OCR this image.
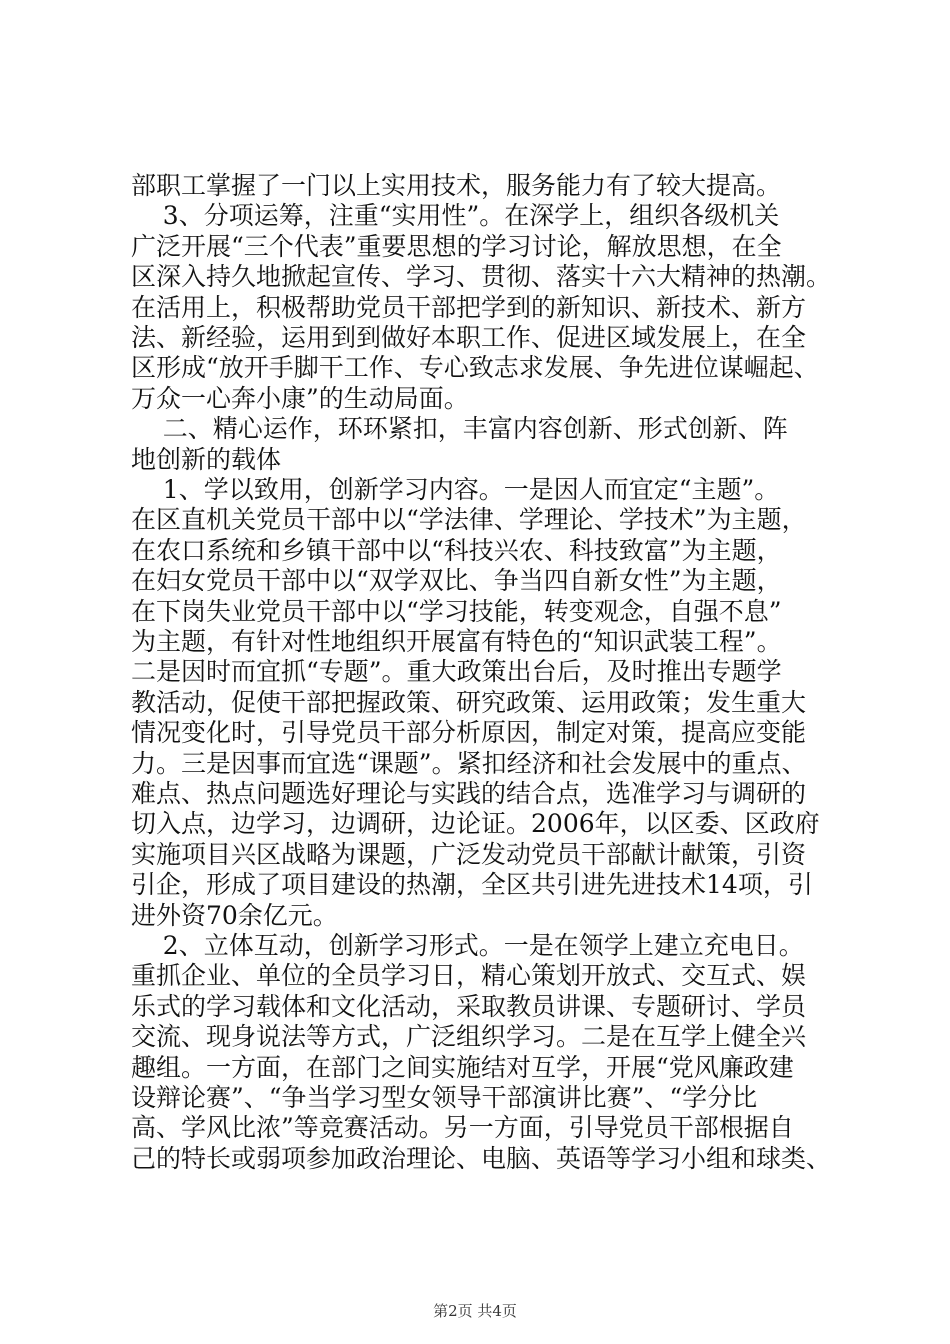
部职工掌握了一门以上实用技术，服务能力有了较大提高。
3、分项运筹，注重“实用性”。在深学上，组织各级机关
广泛开展“三个代表”重要思想的学习讨论，解放思想，在全
区深入持久地掀起宣传、学习、贯彻、落实十六大精神的热潮。
在活用上，积极帮助党员干部把学到的新知识、新技术、新方
法、新经验，运用到到做好本职工作、促进区域发展上，在全
区形成“放开手脚干工作、专心致志求发展、争先进位谋崛起、
万众一心奔小康”的生动局面。
二、精心运作，环环紧扣，丰富内容创新、形式创新、阵
地创新的载体
1、学以致用，创新学习内容。一是因人而宜定“主题”。
在区直机关党员干部中以“学法律、学理论、学技术”为主题，
在农口系统和乡镇干部中以“科技兴农、科技致富”为主题，
在妇女党员干部中以“双学双比、争当四自新女性”为主题，
在下岗失业党员干部中以“学习技能，转变观念，自强不息”
为主题，有针对性地组织开展富有特色的“知识武装工程”。
二是因时而宜抓“专题”。重大政策出台后，及时推出专题学
教活动，促使干部把握政策、研究政策、运用政策；发生重大
情况变化时，引导党员干部分析原因，制定对策，提高应变能
力。三是因事而宜选“课题”。紧扣经济和社会发展中的重点、
难点、热点问题选好理论与实践的结合点，选准学习与调研的
切入点，边学习，边调研，边论证。2006年，以区委、区政府
实施项目兴区战略为课题，广泛发动党员干部献计献策，引资
引企，形成了项目建设的热潮，全区共引进先进技术14项，引
进外资70余亿元。
2、立体互动，创新学习形式。一是在领学上建立充电日。
重抓企业、单位的全员学习日，精心策划开放式、交互式、娱
乐式的学习载体和文化活动，采取教员讲课、专题研讨、学员
交流、现身说法等方式，广泛组织学习。二是在互学上健全兴
趣组。一方面，在部门之间实施结对互学，开展“党风廉政建
设辩论赛”、“争当学习型女领导干部演讲比赛”、“学分比
高、学风比浓”等竞赛活动。另一方面，引导党员干部根据自
己的特长或弱项参加政治理论、电脑、英语等学习小组和球类、
第2页 共4页
